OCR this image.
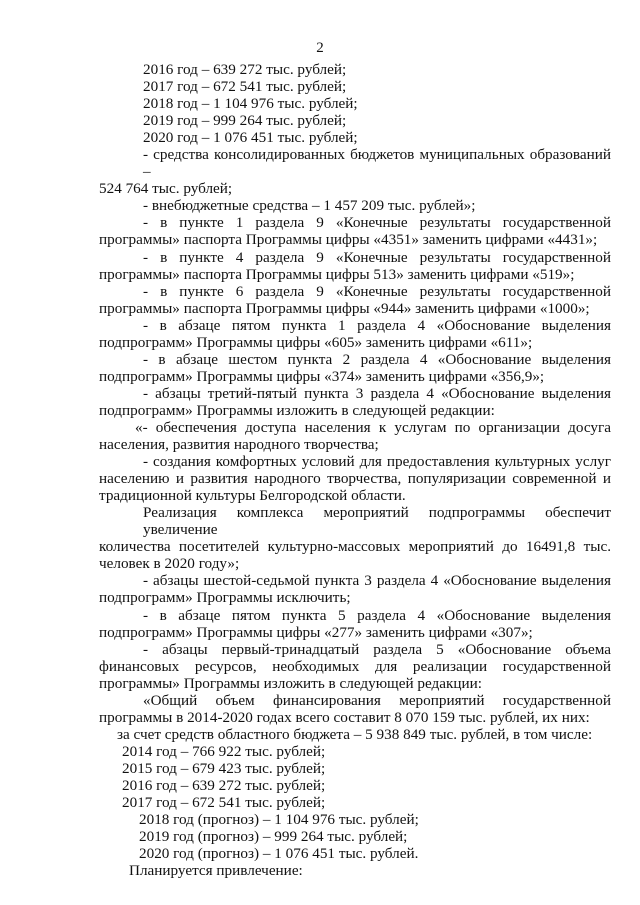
2
2016 год – 639 272 тыс. рублей;
2017 год – 672 541 тыс. рублей;
2018 год – 1 104 976 тыс. рублей;
2019 год – 999 264 тыс. рублей;
2020 год – 1 076 451 тыс. рублей;
- средства консолидированных бюджетов муниципальных образований –
524 764 тыс. рублей;
- внебюджетные средства – 1 457 209 тыс. рублей»;
- в пункте 1 раздела 9 «Конечные результаты государственной
программы» паспорта Программы цифры «4351» заменить цифрами «4431»;
- в пункте 4 раздела 9 «Конечные результаты государственной
программы» паспорта Программы цифры 513» заменить цифрами «519»;
- в пункте 6 раздела 9 «Конечные результаты государственной
программы» паспорта Программы цифры «944» заменить цифрами «1000»;
- в абзаце пятом пункта 1 раздела 4 «Обоснование выделения
подпрограмм» Программы цифры «605» заменить цифрами «611»;
- в абзаце шестом пункта 2 раздела 4 «Обоснование выделения
подпрограмм» Программы цифры «374» заменить цифрами «356,9»;
- абзацы третий-пятый пункта 3 раздела 4 «Обоснование выделения
подпрограмм» Программы изложить в следующей редакции:
«- обеспечения доступа населения к услугам по организации досуга
населения, развития народного творчества;
- создания комфортных условий для предоставления культурных услуг
населению и развития народного творчества, популяризации современной и
традиционной культуры Белгородской области.
Реализация комплекса мероприятий подпрограммы обеспечит увеличение
количества посетителей культурно-массовых мероприятий до 16491,8 тыс.
человек в 2020 году»;
- абзацы шестой-седьмой пункта 3 раздела 4 «Обоснование выделения
подпрограмм» Программы исключить;
- в абзаце пятом пункта 5 раздела 4 «Обоснование выделения
подпрограмм» Программы цифры «277» заменить цифрами «307»;
- абзацы первый-тринадцатый раздела 5 «Обоснование объема
финансовых ресурсов, необходимых для реализации государственной
программы» Программы изложить в следующей редакции:
«Общий объем финансирования мероприятий государственной
программы в 2014-2020 годах всего составит 8 070 159 тыс. рублей, их них:
за счет средств областного бюджета – 5 938 849 тыс. рублей, в том числе:
2014 год – 766 922 тыс. рублей;
2015 год – 679 423 тыс. рублей;
2016 год – 639 272 тыс. рублей;
2017 год – 672 541 тыс. рублей;
2018 год (прогноз) – 1 104 976 тыс. рублей;
2019 год (прогноз) – 999 264 тыс. рублей;
2020 год (прогноз) – 1 076 451 тыс. рублей.
Планируется привлечение:
